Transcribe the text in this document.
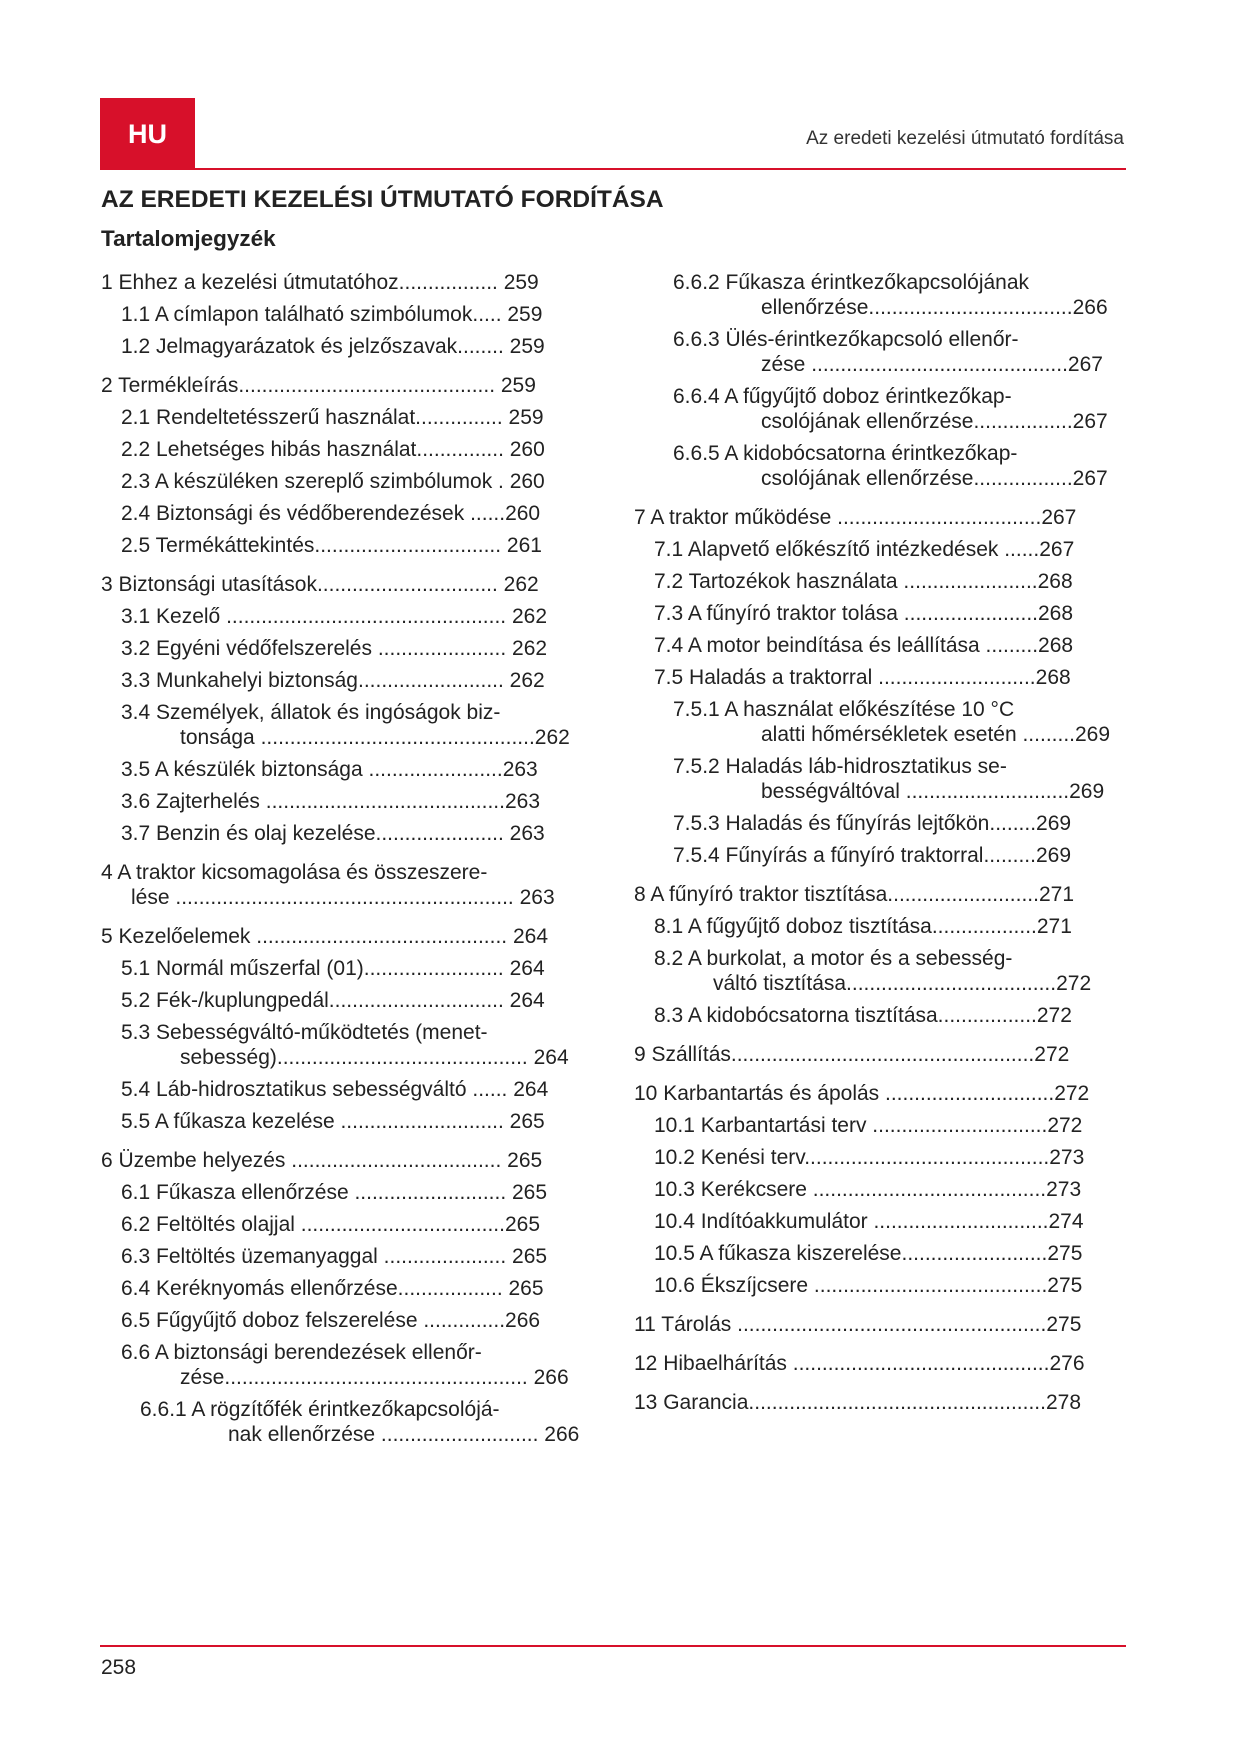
HU	Az eredeti kezelési útmutató fordítása
AZ EREDETI KEZELÉSI ÚTMUTATÓ FORDÍTÁSA
Tartalomjegyzék
1 Ehhez a kezelési útmutatóhoz................. 259
1.1 A címlapon található szimbólumok..... 259
1.2 Jelmagyarázatok és jelzőszavak........ 259
2 Termékleírás............................................ 259
2.1 Rendeltetésszerű használat............... 259
2.2 Lehetséges hibás használat............... 260
2.3 A készüléken szereplő szimbólumok . 260
2.4 Biztonsági és védőberendezések ......260
2.5 Termékáttekintés................................ 261
3 Biztonsági utasítások............................... 262
3.1 Kezelő ................................................ 262
3.2 Egyéni védőfelszerelés ...................... 262
3.3 Munkahelyi biztonság......................... 262
3.4 Személyek, állatok és ingóságok biz-
tonsága ...............................................262
3.5 A készülék biztonsága .......................263
3.6 Zajterhelés .........................................263
3.7 Benzin és olaj kezelése...................... 263
4 A traktor kicsomagolása és összeszere-
lése .......................................................... 263
5 Kezelőelemek ........................................... 264
5.1 Normál műszerfal (01)........................ 264
5.2 Fék-/kuplungpedál.............................. 264
5.3 Sebességváltó-működtetés (menet-
sebesség)........................................... 264
5.4 Láb-hidrosztatikus sebességváltó ...... 264
5.5 A fűkasza kezelése ............................ 265
6 Üzembe helyezés .................................... 265
6.1 Fűkasza ellenőrzése .......................... 265
6.2 Feltöltés olajjal ...................................265
6.3 Feltöltés üzemanyaggal ..................... 265
6.4 Keréknyomás ellenőrzése.................. 265
6.5 Fűgyűjtő doboz felszerelése ..............266
6.6 A biztonsági berendezések ellenőr-
zése.................................................... 266
6.6.1 A rögzítőfék érintkezőkapcsolójá-
nak ellenőrzése ........................... 266
6.6.2 Fűkasza érintkezőkapcsolójának
ellenőrzése...................................266
6.6.3 Ülés-érintkezőkapcsoló ellenőr-
zése ............................................267
6.6.4 A fűgyűjtő doboz érintkezőkap-
csolójának ellenőrzése.................267
6.6.5 A kidobócsatorna érintkezőkap-
csolójának ellenőrzése.................267
7 A traktor működése ...................................267
7.1 Alapvető előkészítő intézkedések ......267
7.2 Tartozékok használata .......................268
7.3 A fűnyíró traktor tolása .......................268
7.4 A motor beindítása és leállítása .........268
7.5 Haladás a traktorral ...........................268
7.5.1 A használat előkészítése 10 °C
alatti hőmérsékletek esetén .........269
7.5.2 Haladás láb-hidrosztatikus se-
bességváltóval ............................269
7.5.3 Haladás és fűnyírás lejtőkön........269
7.5.4 Fűnyírás a fűnyíró traktorral.........269
8 A fűnyíró traktor tisztítása..........................271
8.1 A fűgyűjtő doboz tisztítása..................271
8.2 A burkolat, a motor és a sebesség-
váltó tisztítása....................................272
8.3 A kidobócsatorna tisztítása.................272
9 Szállítás....................................................272
10 Karbantartás és ápolás .............................272
10.1 Karbantartási terv ..............................272
10.2 Kenési terv..........................................273
10.3 Kerékcsere ........................................273
10.4 Indítóakkumulátor ..............................274
10.5 A fűkasza kiszerelése.........................275
10.6 Ékszíjcsere ........................................275
11 Tárolás .....................................................275
12 Hibaelhárítás ............................................276
13 Garancia...................................................278
258
